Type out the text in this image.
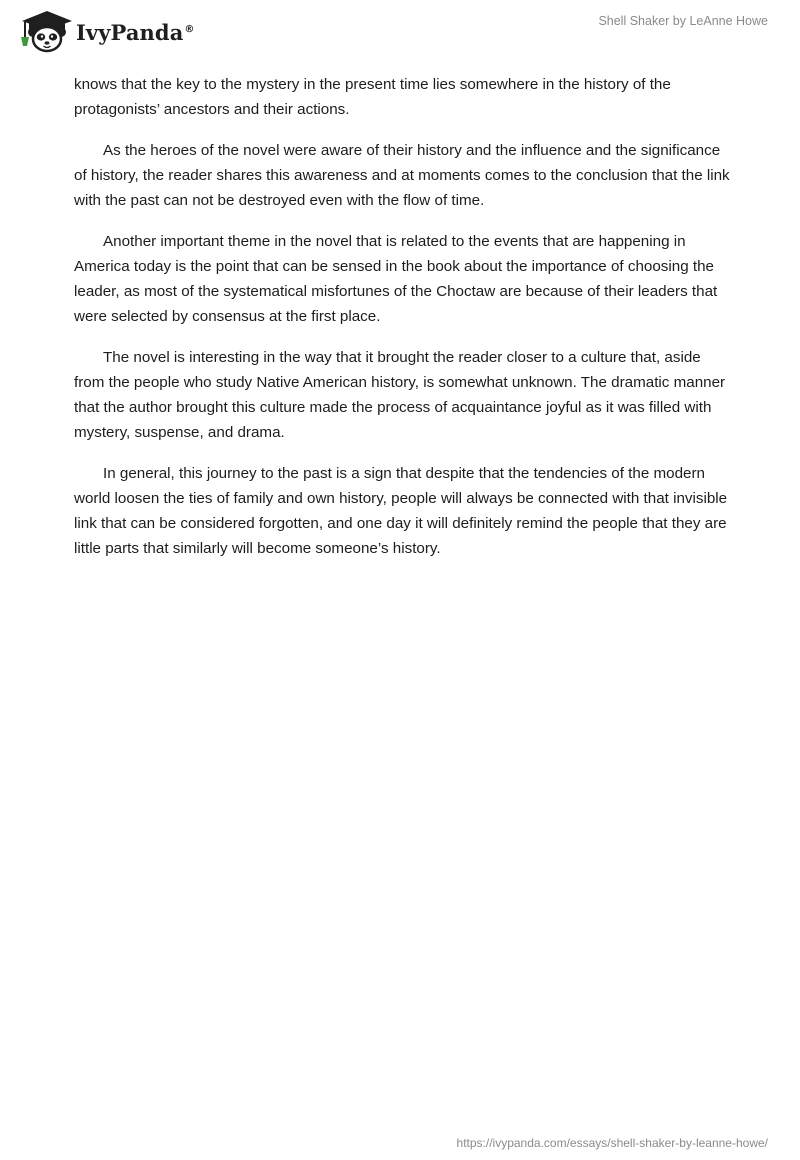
IvyPanda®
Shell Shaker by LeAnne Howe

knows that the key to the mystery in the present time lies somewhere in the history of the protagonists’ ancestors and their actions.

As the heroes of the novel were aware of their history and the influence and the significance of history, the reader shares this awareness and at moments comes to the conclusion that the link with the past can not be destroyed even with the flow of time.

Another important theme in the novel that is related to the events that are happening in America today is the point that can be sensed in the book about the importance of choosing the leader, as most of the systematical misfortunes of the Choctaw are because of their leaders that were selected by consensus at the first place.

The novel is interesting in the way that it brought the reader closer to a culture that, aside from the people who study Native American history, is somewhat unknown. The dramatic manner that the author brought this culture made the process of acquaintance joyful as it was filled with mystery, suspense, and drama.

In general, this journey to the past is a sign that despite that the tendencies of the modern world loosen the ties of family and own history, people will always be connected with that invisible link that can be considered forgotten, and one day it will definitely remind the people that they are little parts that similarly will become someone’s history.

https://ivypanda.com/essays/shell-shaker-by-leanne-howe/
